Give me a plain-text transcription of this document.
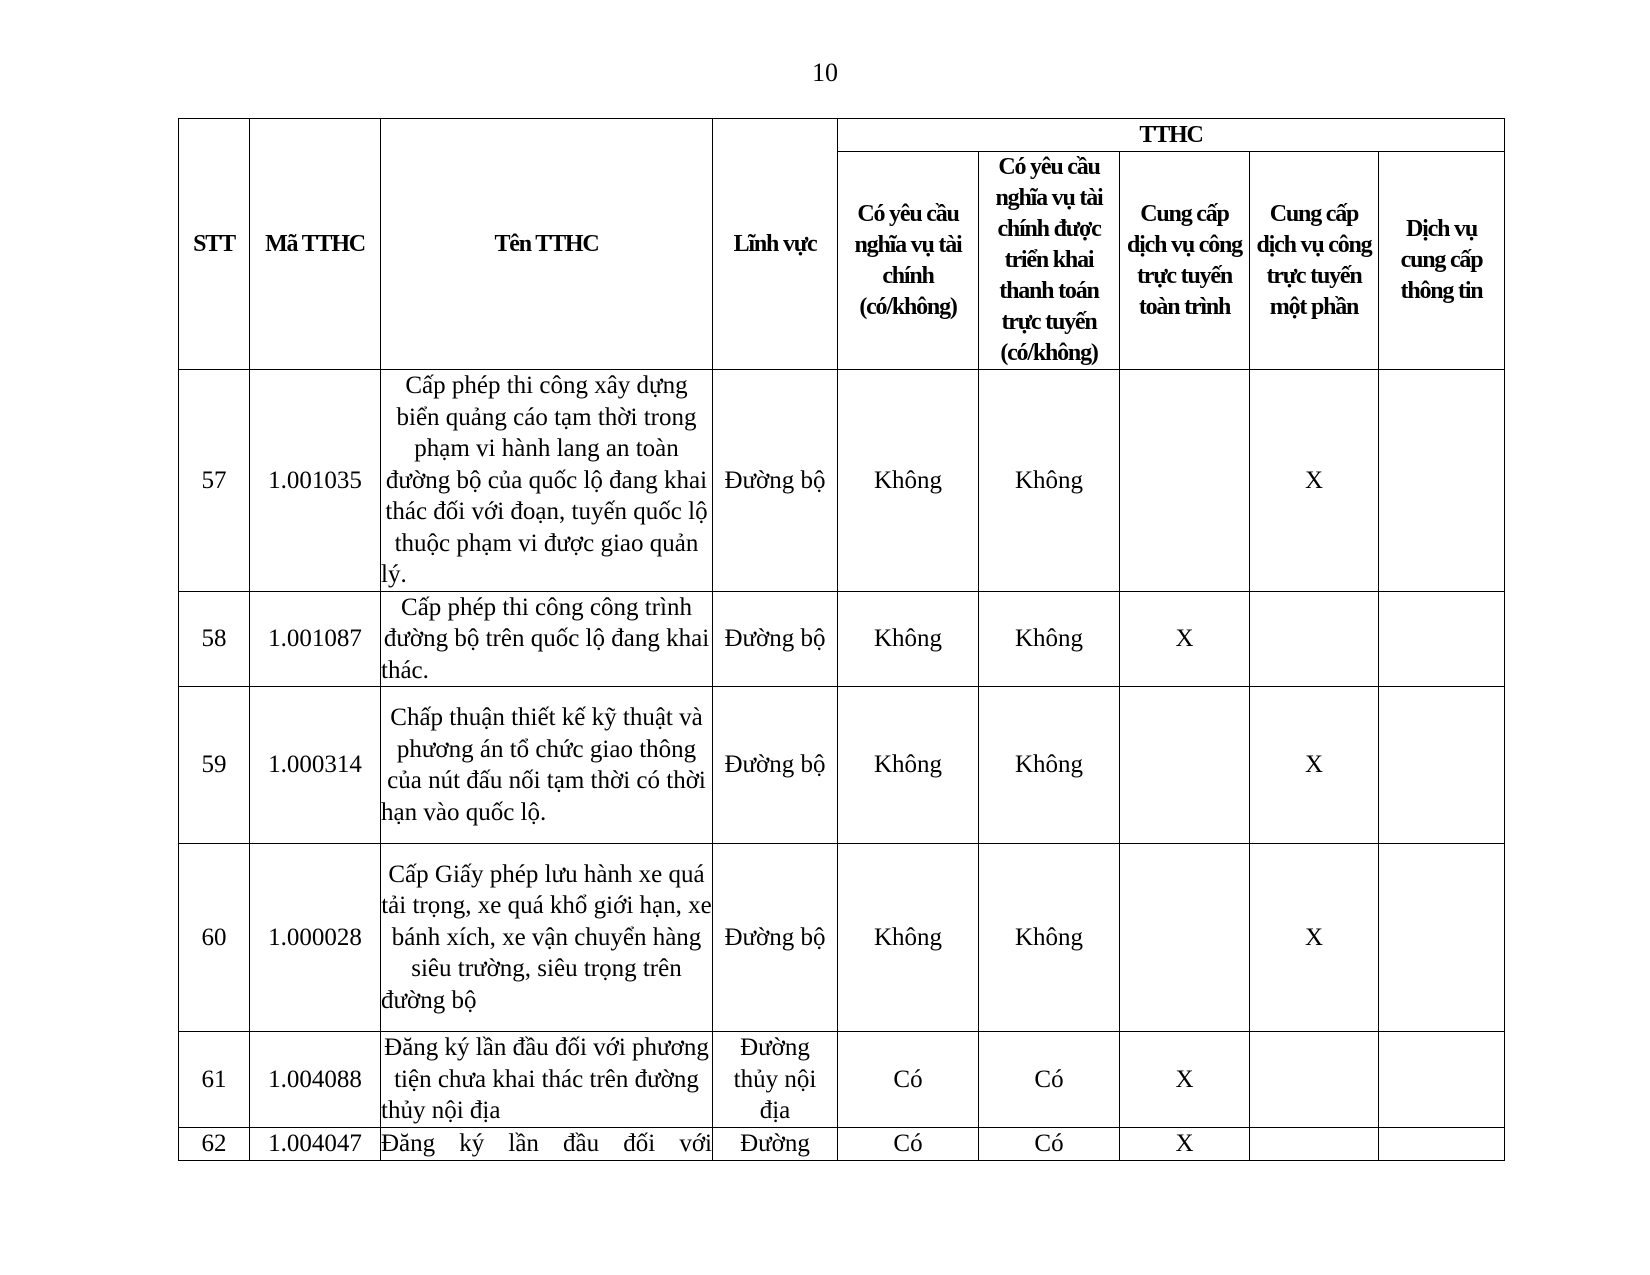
10
STT	Mã TTHC	Tên TTHC	Lĩnh vực	TTHC				

				Có yêu cầu nghĩa vụ tài chính (có/không)	Có yêu cầu nghĩa vụ tài chính được triển khai thanh toán trực tuyến (có/không)	Cung cấp dịch vụ công trực tuyến toàn trình	Cung cấp dịch vụ công trực tuyến một phần	Dịch vụ cung cấp thông tin

57	1.001035	Cấp phép thi công xây dựng biển quảng cáo tạm thời trong phạm vi hành lang an toàn đường bộ của quốc lộ đang khai thác đối với đoạn, tuyến quốc lộ thuộc phạm vi được giao quản lý.	Đường bộ	Không	Không		X	
58	1.001087	Cấp phép thi công công trình đường bộ trên quốc lộ đang khai thác.	Đường bộ	Không	Không	X		
59	1.000314	Chấp thuận thiết kế kỹ thuật và phương án tổ chức giao thông của nút đấu nối tạm thời có thời hạn vào quốc lộ.	Đường bộ	Không	Không		X	
60	1.000028	Cấp Giấy phép lưu hành xe quá tải trọng, xe quá khổ giới hạn, xe bánh xích, xe vận chuyển hàng siêu trường, siêu trọng trên đường bộ	Đường bộ	Không	Không		X	
61	1.004088	Đăng ký lần đầu đối với phương tiện chưa khai thác trên đường thủy nội địa	Đường thủy nội địa	Có	Có	X		
62	1.004047	Đăng ký lần đầu đối với	Đường	Có	Có	X		
